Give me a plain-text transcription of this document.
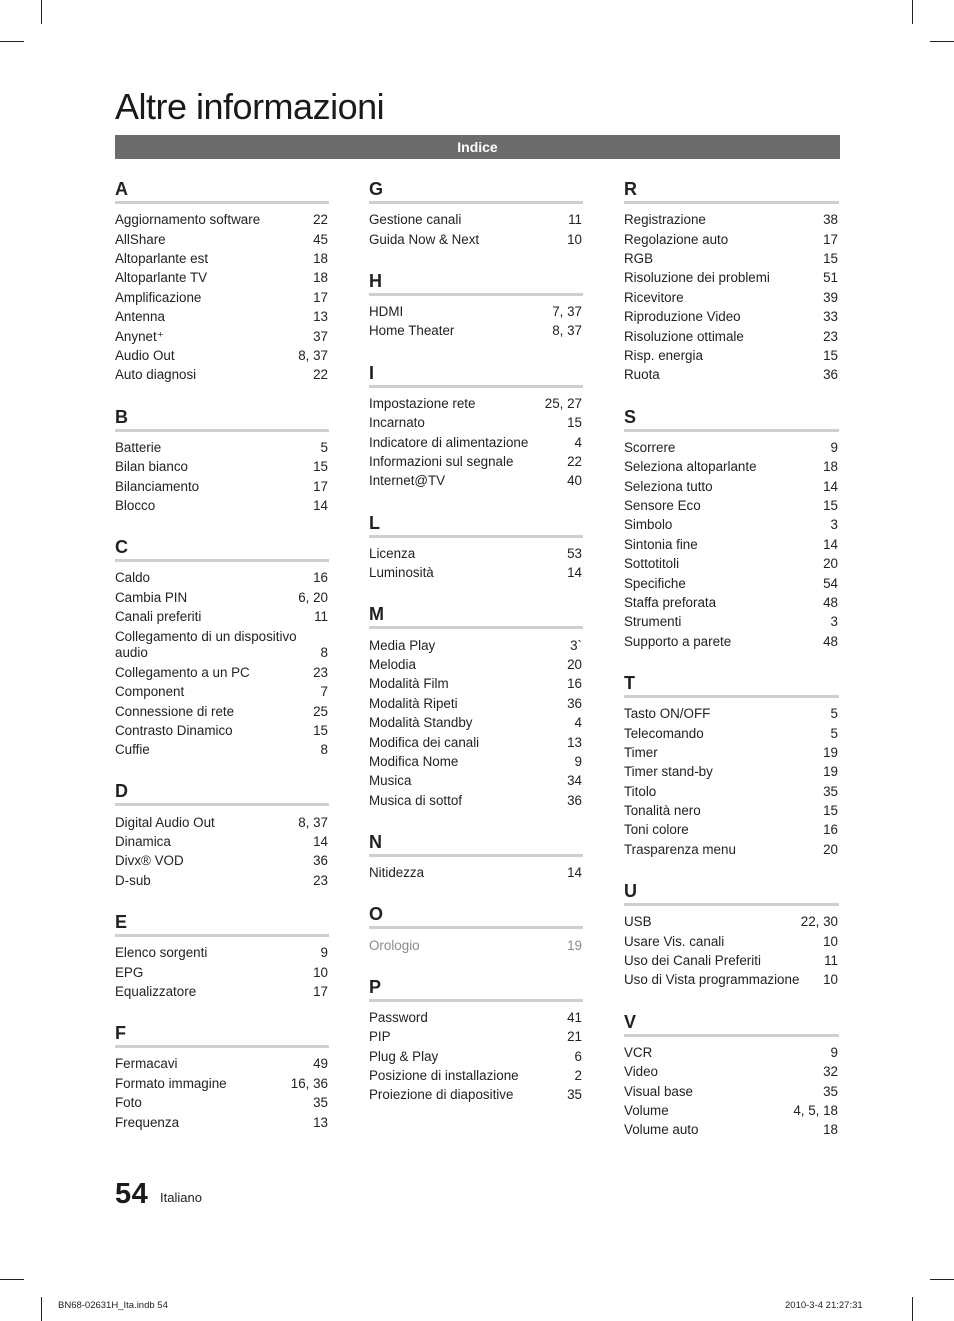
Altre informazioni
Indice
A
Aggiornamento software	22
AllShare	45
Altoparlante est	18
Altoparlante TV	18
Amplificazione	17
Antenna	13
Anynet⁺	37
Audio Out	8, 37
Auto diagnosi	22
B
Batterie	5
Bilan bianco	15
Bilanciamento	17
Blocco	14
C
Caldo	16
Cambia PIN	6, 20
Canali preferiti	11
Collegamento di un dispositivo audio	8
Collegamento a un PC	23
Component	7
Connessione di rete	25
Contrasto Dinamico	15
Cuffie	8
D
Digital Audio Out	8, 37
Dinamica	14
Divx® VOD	36
D-sub	23
E
Elenco sorgenti	9
EPG	10
Equalizzatore	17
F
Fermacavi	49
Formato immagine	16, 36
Foto	35
Frequenza	13
G
Gestione canali	11
Guida Now & Next	10
H
HDMI	7, 37
Home Theater	8, 37
I
Impostazione rete	25, 27
Incarnato	15
Indicatore di alimentazione	4
Informazioni sul segnale	22
Internet@TV	40
L
Licenza	53
Luminosità	14
M
Media Play	3`
Melodia	20
Modalità Film	16
Modalità Ripeti	36
Modalità Standby	4
Modifica dei canali	13
Modifica Nome	9
Musica	34
Musica di sottof	36
N
Nitidezza	14
O
Orologio	19
P
Password	41
PIP	21
Plug & Play	6
Posizione di installazione	2
Proiezione di diapositive	35
R
Registrazione	38
Regolazione auto	17
RGB	15
Risoluzione dei problemi	51
Ricevitore	39
Riproduzione Video	33
Risoluzione ottimale	23
Risp. energia	15
Ruota	36
S
Scorrere	9
Seleziona altoparlante	18
Seleziona tutto	14
Sensore Eco	15
Simbolo	3
Sintonia fine	14
Sottotitoli	20
Specifiche	54
Staffa preforata	48
Strumenti	3
Supporto a parete	48
T
Tasto ON/OFF	5
Telecomando	5
Timer	19
Timer stand-by	19
Titolo	35
Tonalità nero	15
Toni colore	16
Trasparenza menu	20
U
USB	22, 30
Usare Vis. canali	10
Uso dei Canali Preferiti	11
Uso di Vista programmazione	10
V
VCR	9
Video	32
Visual base	35
Volume	4, 5, 18
Volume auto	18
54 Italiano
BN68-02631H_Ita.indb 54	2010-3-4 21:27:31
